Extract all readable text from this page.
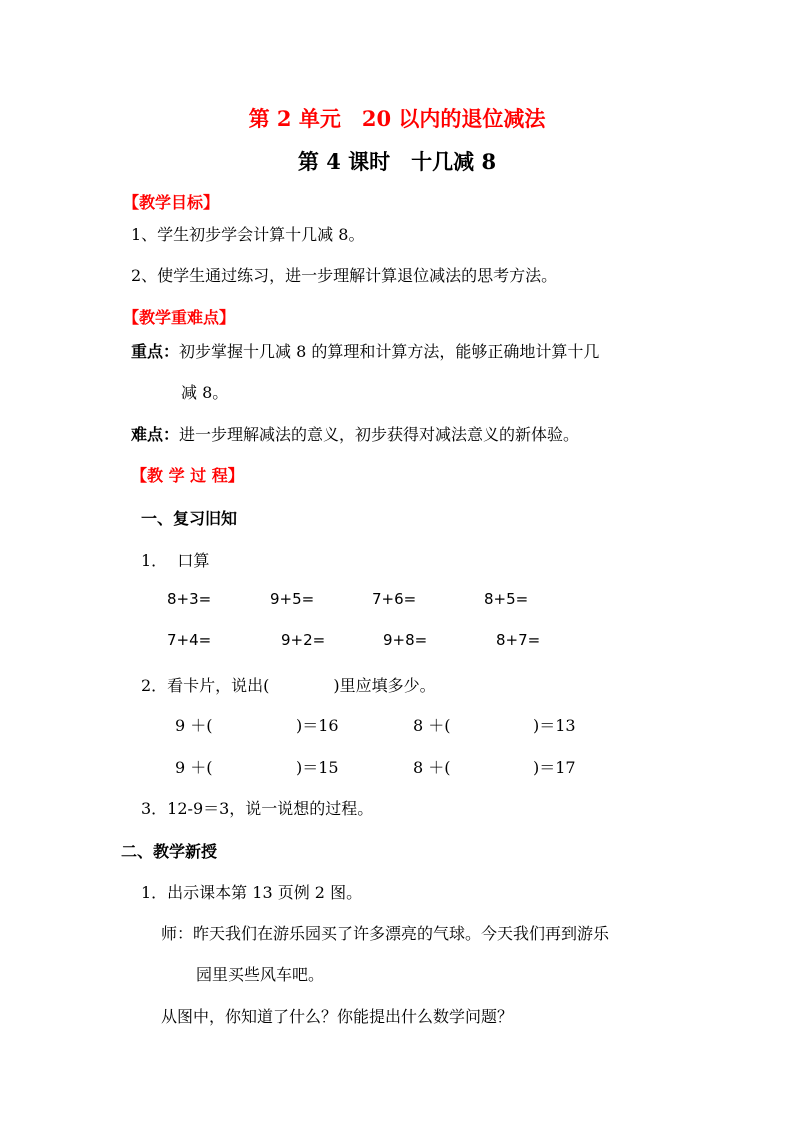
第 2 单元　20 以内的退位减法
第 4 课时　十几减 8
【教学目标】
1、学生初步学会计算十几减 8。
2、使学生通过练习，进一步理解计算退位减法的思考方法。
【教学重难点】
重点：初步掌握十几减 8 的算理和计算方法，能够正确地计算十几
减 8。
难点：进一步理解减法的意义，初步获得对减法意义的新体验。
【教 学 过 程】
一、复习旧知
1．  口算
8+3=	9+5=	7+6=	8+5=
7+4=	9+2=	9+8=	8+7=
2．看卡片，说出(　　　　)里应填多少。
9 ＋(	)＝16	8 ＋(	)＝13
9 ＋(	)＝15	8 ＋(	)＝17
3．12-9＝3，说一说想的过程。
二、教学新授
1．出示课本第 13 页例 2 图。
师：昨天我们在游乐园买了许多漂亮的气球。今天我们再到游乐
园里买些风车吧。
从图中，你知道了什么？你能提出什么数学问题？
